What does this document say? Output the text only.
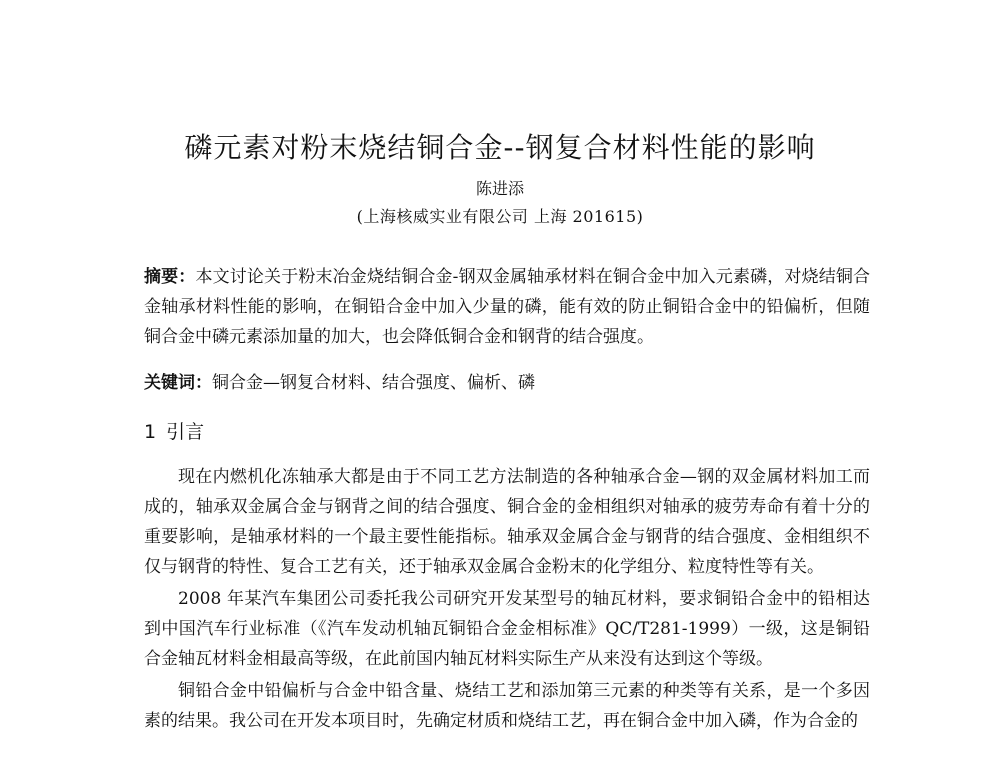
磷元素对粉末烧结铜合金--钢复合材料性能的影响
陈进添
(上海核威实业有限公司 上海 201615)
摘要：本文讨论关于粉末冶金烧结铜合金-钢双金属轴承材料在铜合金中加入元素磷，对烧结铜合金轴承材料性能的影响，在铜铅合金中加入少量的磷，能有效的防止铜铅合金中的铅偏析，但随铜合金中磷元素添加量的加大，也会降低铜合金和钢背的结合强度。
关键词：铜合金—钢复合材料、结合强度、偏析、磷
1 引言

现在内燃机化冻轴承大都是由于不同工艺方法制造的各种轴承合金—钢的双金属材料加工而成的，轴承双金属合金与钢背之间的结合强度、铜合金的金相组织对轴承的疲劳寿命有着十分的重要影响，是轴承材料的一个最主要性能指标。轴承双金属合金与钢背的结合强度、金相组织不仅与钢背的特性、复合工艺有关，还于轴承双金属合金粉末的化学组分、粒度特性等有关。

2008 年某汽车集团公司委托我公司研究开发某型号的轴瓦材料，要求铜铅合金中的铅相达到中国汽车行业标准（《汽车发动机轴瓦铜铅合金金相标准》QC/T281-1999）一级，这是铜铅合金轴瓦材料金相最高等级，在此前国内轴瓦材料实际生产从来没有达到这个等级。

铜铅合金中铅偏析与合金中铅含量、烧结工艺和添加第三元素的种类等有关系，是一个多因素的结果。我公司在开发本项目时，先确定材质和烧结工艺，再在铜合金中加入磷，作为合金的
